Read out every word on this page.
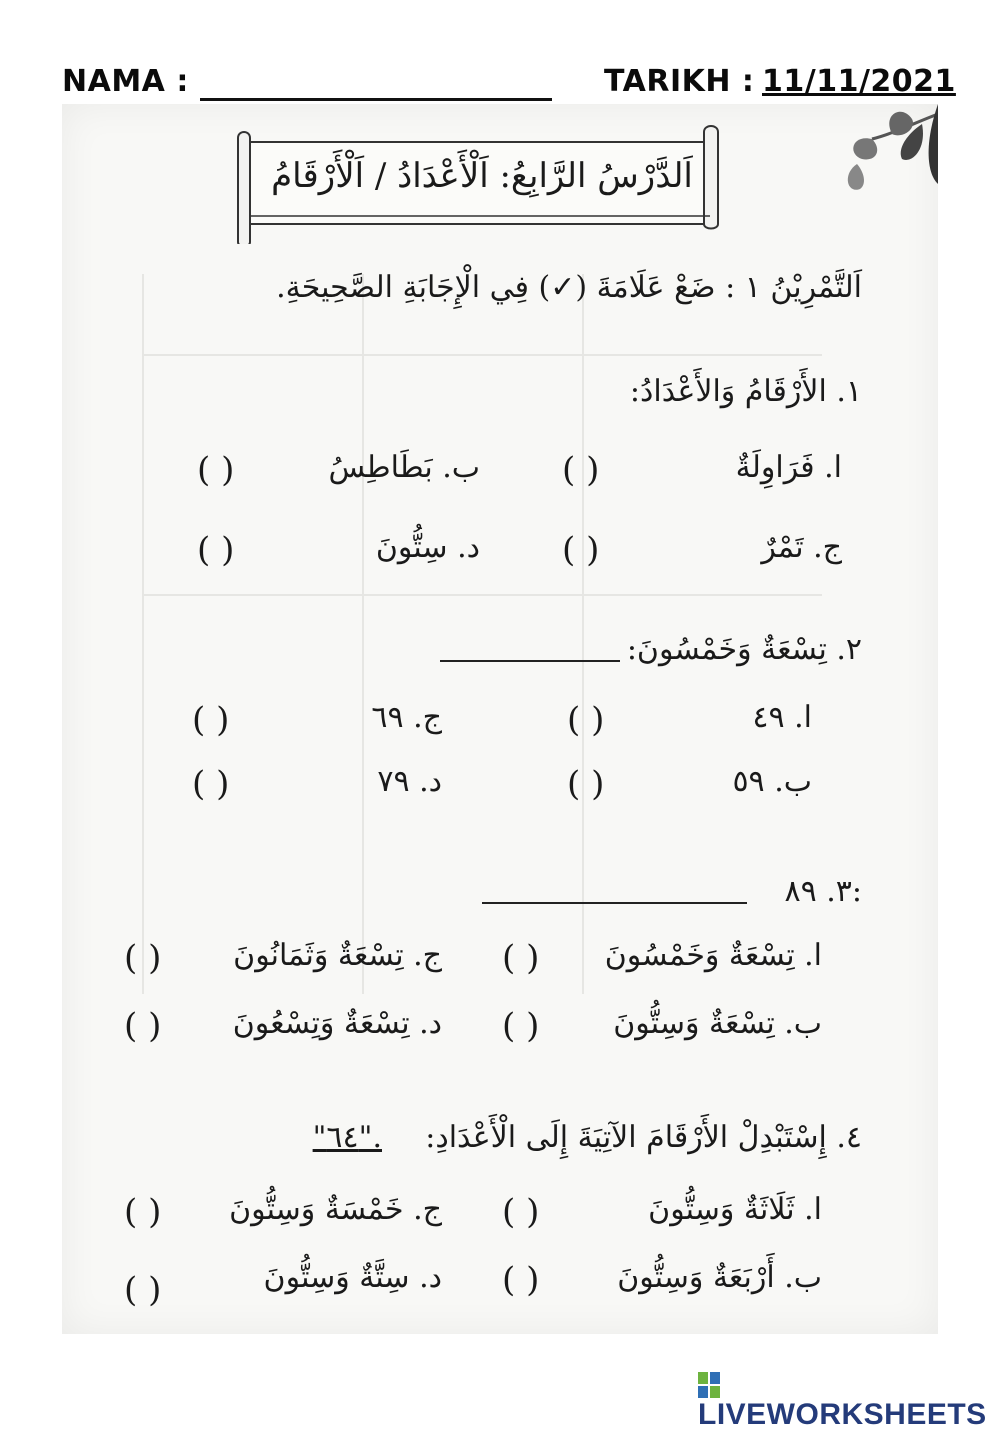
NAMA :	TARIKH : 11/11/2021
اَلدَّرْسُ الرَّابِعُ: اَلْأَعْدَادُ / اَلْأَرْقَامُ
اَلتَّمْرِيْنُ ١ : ضَعْ عَلَامَةَ (✓) فِي الْإِجَابَةِ الصَّحِيحَةِ.
١. الأَرْقَامُ وَالأَعْدَادُ:
ا. فَرَاوِلَةٌ
( )
ب. بَطَاطِسُ
( )
ج. تَمْرٌ
( )
د. سِتُّونَ
( )
٢. تِسْعَةٌ وَخَمْسُونَ:
ا. ٤٩
( )
ج. ٦٩
( )
ب. ٥٩
( )
د. ٧٩
( )
٣. ٨٩:
ا. تِسْعَةٌ وَخَمْسُونَ
( )
ج. تِسْعَةٌ وَثَمَانُونَ
( )
ب. تِسْعَةٌ وَسِتُّونَ
( )
د. تِسْعَةٌ وَتِسْعُونَ
( )
٤. إِسْتَبْدِلْ الأَرْقَامَ الآتِيَةَ إِلَى الْأَعْدَادِ:
"٦٤".
ا. ثَلَاثَةٌ وَسِتُّونَ
( )
ج. خَمْسَةٌ وَسِتُّونَ
( )
ب. أَرْبَعَةٌ وَسِتُّونَ
( )
د. سِتَّةٌ وَسِتُّونَ
( )
LIVEWORKSHEETS
